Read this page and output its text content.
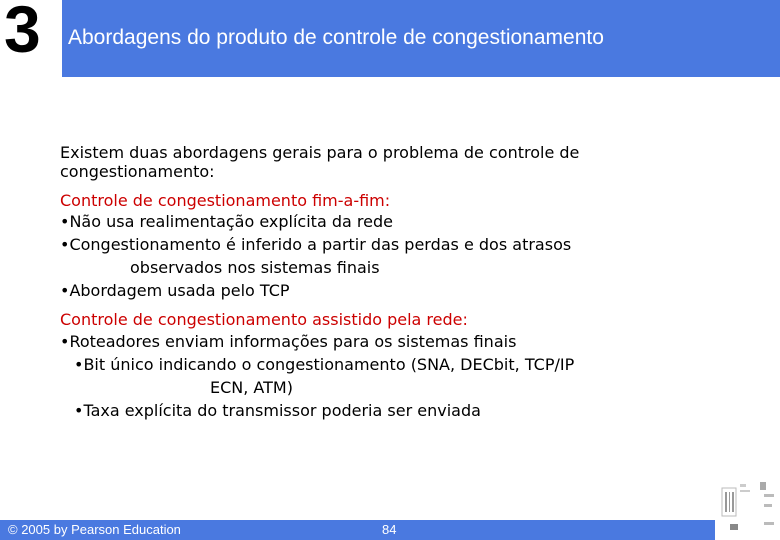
3 Abordagens do produto de controle de congestionamento
Existem duas abordagens gerais para o problema de controle de
congestionamento:
Controle de congestionamento fim-a-fim:
• Não usa realimentação explícita da rede
• Congestionamento é inferido a partir das perdas e dos atrasos
observados nos sistemas finais
• Abordagem usada pelo TCP
Controle de congestionamento assistido pela rede:
• Roteadores enviam informações para os sistemas finais
• Bit único indicando o congestionamento (SNA, DECbit, TCP/IP
ECN, ATM)
• Taxa explícita do transmissor poderia ser enviada
© 2005 by Pearson Education	84
